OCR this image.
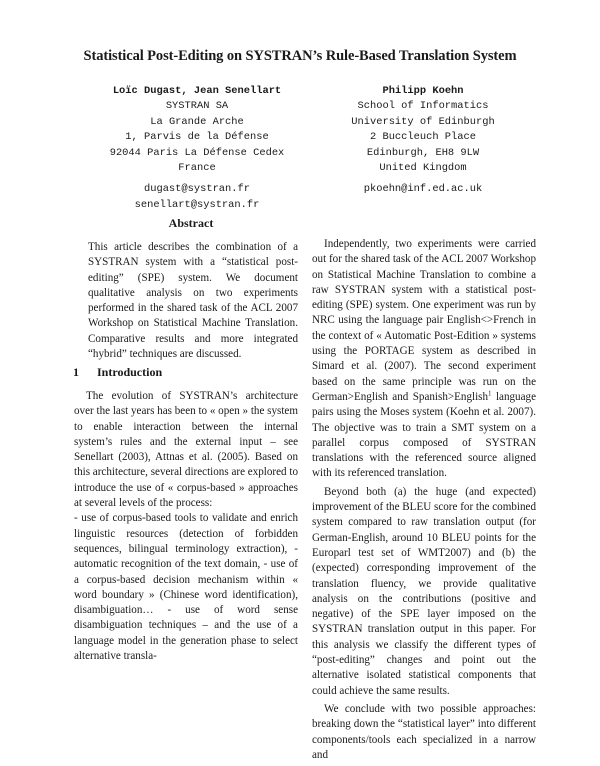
Statistical Post-Editing on SYSTRAN’s Rule-Based Translation System
Loïc Dugast, Jean Senellart
SYSTRAN SA
La Grande Arche
1, Parvis de la Défense
92044 Paris La Défense Cedex
France
dugast@systran.fr
senellart@systran.fr
Philipp Koehn
School of Informatics
University of Edinburgh
2 Buccleuch Place
Edinburgh, EH8 9LW
United Kingdom
pkoehn@inf.ed.ac.uk
Abstract

This article describes the combination of a SYSTRAN system with a “statistical post-editing” (SPE) system. We document qualitative analysis on two experiments performed in the shared task of the ACL 2007 Workshop on Statistical Machine Translation. Comparative results and more integrated “hybrid” techniques are discussed.

1 Introduction

The evolution of SYSTRAN’s architecture over the last years has been to « open » the system to enable interaction between the internal system’s rules and the external input – see Senellart (2003), Attnas et al. (2005). Based on this architecture, several directions are explored to introduce the use of « corpus-based » approaches at several levels of the process:

- use of corpus-based tools to validate and enrich linguistic resources (detection of forbidden sequences, bilingual terminology extraction), - automatic recognition of the text domain, - use of a corpus-based decision mechanism within « word boundary » (Chinese word identification), disambiguation… - use of word sense disambiguation techniques – and the use of a language model in the generation phase to select alternative transla-

Independently, two experiments were carried out for the shared task of the ACL 2007 Workshop on Statistical Machine Translation to combine a raw SYSTRAN system with a statistical post-editing (SPE) system. One experiment was run by NRC using the language pair English<>French in the context of « Automatic Post-Edition » systems using the PORTAGE system as described in Simard et al. (2007). The second experiment based on the same principle was run on the German>English and Spanish>English$^1$ language pairs using the Moses system (Koehn et al. 2007). The objective was to train a SMT system on a parallel corpus composed of SYSTRAN translations with the referenced source aligned with its referenced translation.

Beyond both (a) the huge (and expected) improvement of the BLEU score for the combined system compared to raw translation output (for German-English, around 10 BLEU points for the Europarl test set of WMT2007) and (b) the (expected) corresponding improvement of the translation fluency, we provide qualitative analysis on the contributions (positive and negative) of the SPE layer imposed on the SYSTRAN translation output in this paper. For this analysis we classify the different types of “post-editing” changes and point out the alternative isolated statistical components that could achieve the same results.

We conclude with two possible approaches: breaking down the “statistical layer” into different components/tools each specialized in a narrow and
